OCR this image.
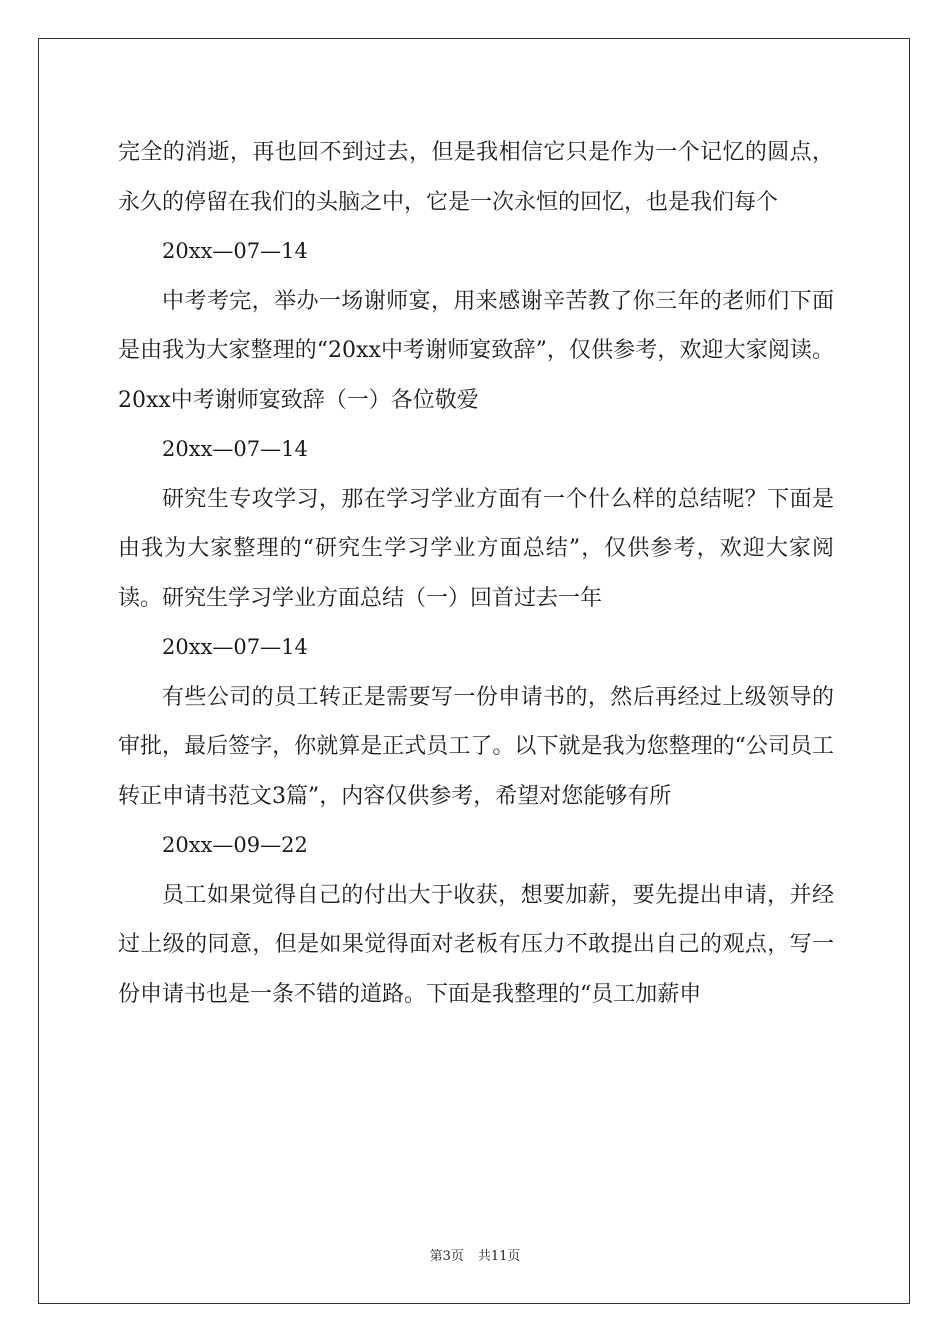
完全的消逝，再也回不到过去，但是我相信它只是作为一个记忆的圆点，永久的停留在我们的头脑之中，它是一次永恒的回忆，也是我们每个

20xx—07—14

中考考完，举办一场谢师宴，用来感谢辛苦教了你三年的老师们下面是由我为大家整理的“20xx中考谢师宴致辞”，仅供参考，欢迎大家阅读。20xx中考谢师宴致辞（一）各位敬爱

20xx—07—14

研究生专攻学习，那在学习学业方面有一个什么样的总结呢？下面是由我为大家整理的“研究生学习学业方面总结”，仅供参考，欢迎大家阅读。研究生学习学业方面总结（一）回首过去一年

20xx—07—14

有些公司的员工转正是需要写一份申请书的，然后再经过上级领导的审批，最后签字，你就算是正式员工了。以下就是我为您整理的“公司员工转正申请书范文3篇”，内容仅供参考，希望对您能够有所

20xx—09—22

员工如果觉得自己的付出大于收获，想要加薪，要先提出申请，并经过上级的同意，但是如果觉得面对老板有压力不敢提出自己的观点，写一份申请书也是一条不错的道路。下面是我整理的“员工加薪申

第3页 共11页
